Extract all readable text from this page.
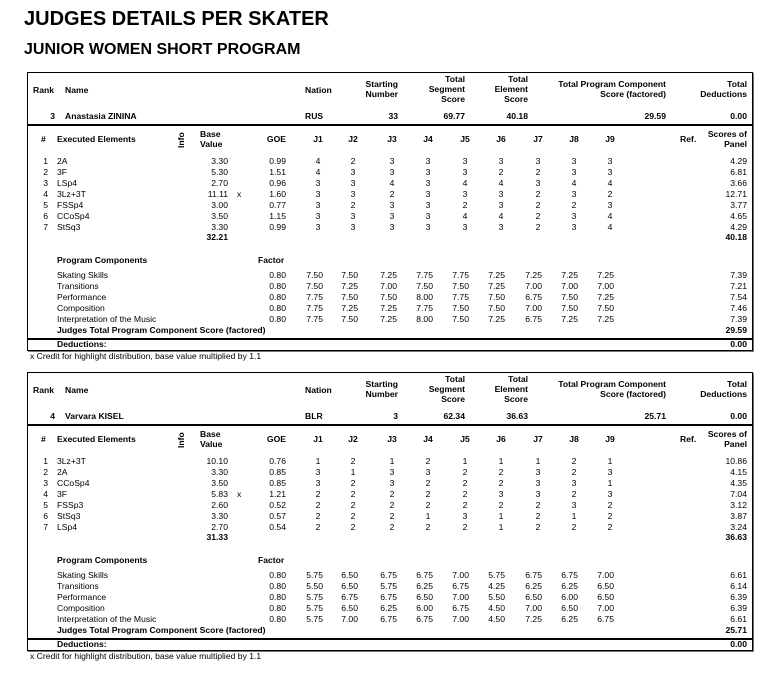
JUDGES DETAILS PER SKATER
JUNIOR WOMEN SHORT PROGRAM
Rank Name	Nation
Starting
Number
Total
Segment
Score
Total
Element
Score
Total Program Component
Score (factored)
Total
Deductions
3 Anastasia ZININA	RUS	33	69.77	40.18	29.59	0.00
# Executed Elements	Info Base
Value	GOE	J1	J2	J3	J4	J5	J6	J7	J8	J9	Ref.	Scores of
Panel
1 2A	3.30	0.99	4	2	3	3	3	3	3	3	3	4.29
2 3F	5.30	1.51	4	3	3	3	3	2	2	3	3	6.81
3 LSp4	2.70	0.96	3	3	4	3	4	4	3	4	4	3.66
4 3Lz+3T	11.11 x	1.60	3	3	2	3	3	3	2	3	2	12.71
5 FSSp4	3.00	0.77	3	2	3	3	2	3	2	2	3	3.77
6 CCoSp4	3.50	1.15	3	3	3	3	4	4	2	3	4	4.65
7 StSq3	3.30	0.99	3	3	3	3	3	3	2	3	4	4.29
32.21	40.18
Program Components	Factor
Skating Skills	0.80	7.50	7.50	7.25	7.75	7.75	7.25	7.25	7.25	7.25	7.39
Transitions	0.80	7.50	7.25	7.00	7.50	7.50	7.25	7.00	7.00	7.00	7.21
Performance	0.80	7.75	7.50	7.50	8.00	7.75	7.50	6.75	7.50	7.25	7.54
Composition	0.80	7.75	7.25	7.25	7.75	7.50	7.50	7.00	7.50	7.50	7.46
Interpretation of the Music	0.80	7.75	7.50	7.25	8.00	7.50	7.25	6.75	7.25	7.25	7.39
Judges Total Program Component Score (factored)	29.59
Deductions:	0.00
x Credit for highlight distribution, base value multiplied by 1.1
Rank Name	Nation
Starting
Number
Total
Segment
Score
Total
Element
Score
Total Program Component
Score (factored)
Total
Deductions
4 Varvara KISEL	BLR	3	62.34	36.63	25.71	0.00
# Executed Elements	Info Base
Value	GOE	J1	J2	J3	J4	J5	J6	J7	J8	J9	Ref.	Scores of
Panel
1 3Lz+3T	10.10	0.76	1	2	1	2	1	1	1	2	1	10.86
2 2A	3.30	0.85	3	1	3	3	2	2	3	2	3	4.15
3 CCoSp4	3.50	0.85	3	2	3	2	2	2	3	3	1	4.35
4 3F	5.83 x	1.21	2	2	2	2	2	3	3	2	3	7.04
5 FSSp3	2.60	0.52	2	2	2	2	2	2	2	3	2	3.12
6 StSq3	3.30	0.57	2	2	2	1	3	1	2	1	2	3.87
7 LSp4	2.70	0.54	2	2	2	2	2	1	2	2	2	3.24
31.33	36.63
Program Components	Factor
Skating Skills	0.80	5.75	6.50	6.75	6.75	7.00	5.75	6.75	6.75	7.00	6.61
Transitions	0.80	5.50	6.50	5.75	6.25	6.75	4.25	6.25	6.25	6.50	6.14
Performance	0.80	5.75	6.75	6.75	6.50	7.00	5.50	6.50	6.00	6.50	6.39
Composition	0.80	5.75	6.50	6.25	6.00	6.75	4.50	7.00	6.50	7.00	6.39
Interpretation of the Music	0.80	5.75	7.00	6.75	6.75	7.00	4.50	7.25	6.25	6.75	6.61
Judges Total Program Component Score (factored)	25.71
Deductions:	0.00
x Credit for highlight distribution, base value multiplied by 1.1
